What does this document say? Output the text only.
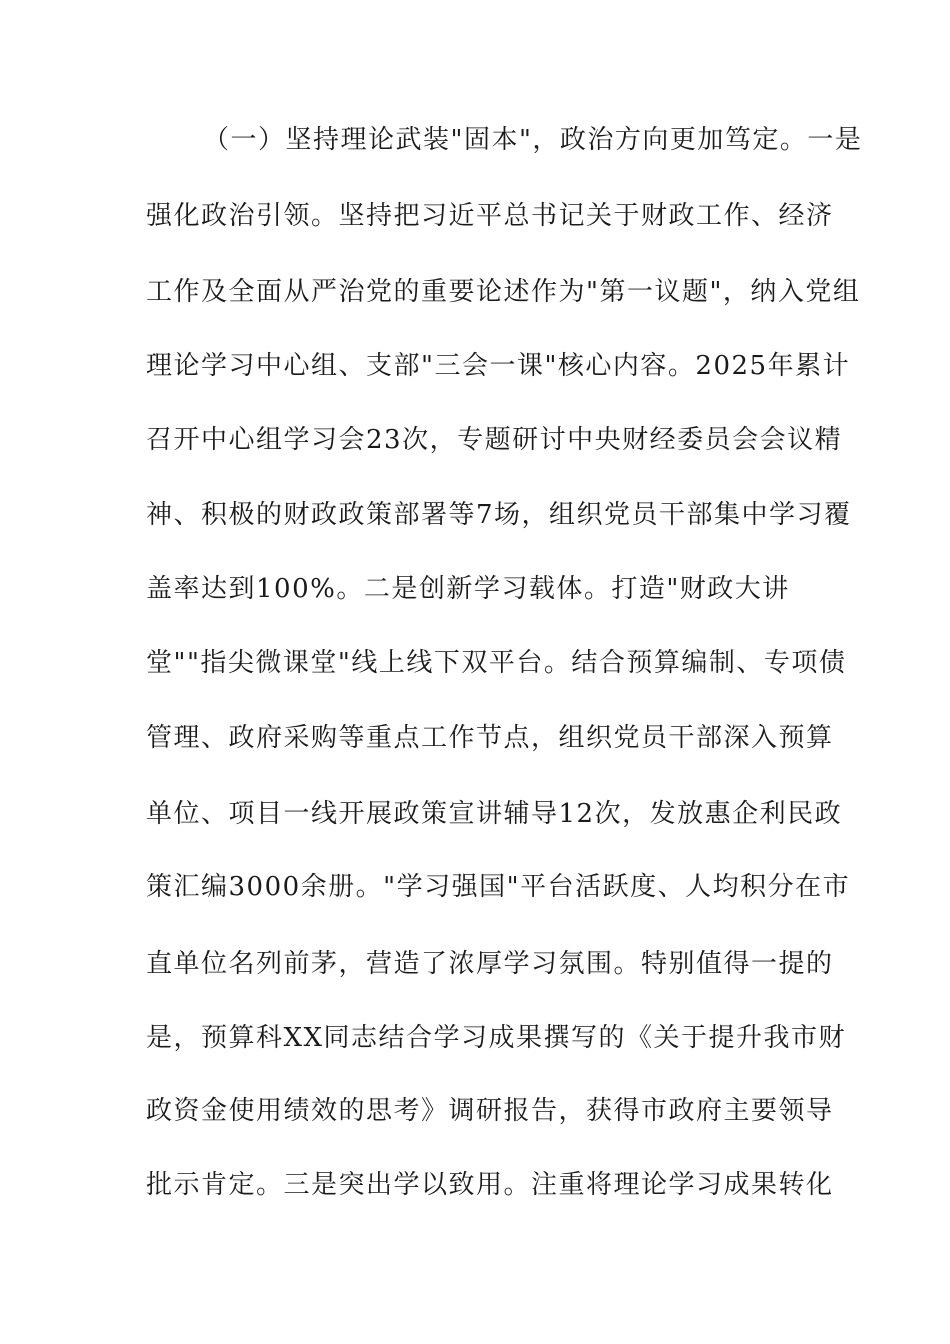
（一）坚持理论武装"固本"，政治方向更加笃定。一是
强化政治引领。坚持把习近平总书记关于财政工作、经济
工作及全面从严治党的重要论述作为"第一议题"，纳入党组
理论学习中心组、支部"三会一课"核心内容。2025年累计
召开中心组学习会23次，专题研讨中央财经委员会会议精
神、积极的财政政策部署等7场，组织党员干部集中学习覆
盖率达到100%。二是创新学习载体。打造"财政大讲
堂""指尖微课堂"线上线下双平台。结合预算编制、专项债
管理、政府采购等重点工作节点，组织党员干部深入预算
单位、项目一线开展政策宣讲辅导12次，发放惠企利民政
策汇编3000余册。"学习强国"平台活跃度、人均积分在市
直单位名列前茅，营造了浓厚学习氛围。特别值得一提的
是，预算科XX同志结合学习成果撰写的《关于提升我市财
政资金使用绩效的思考》调研报告，获得市政府主要领导
批示肯定。三是突出学以致用。注重将理论学习成果转化
